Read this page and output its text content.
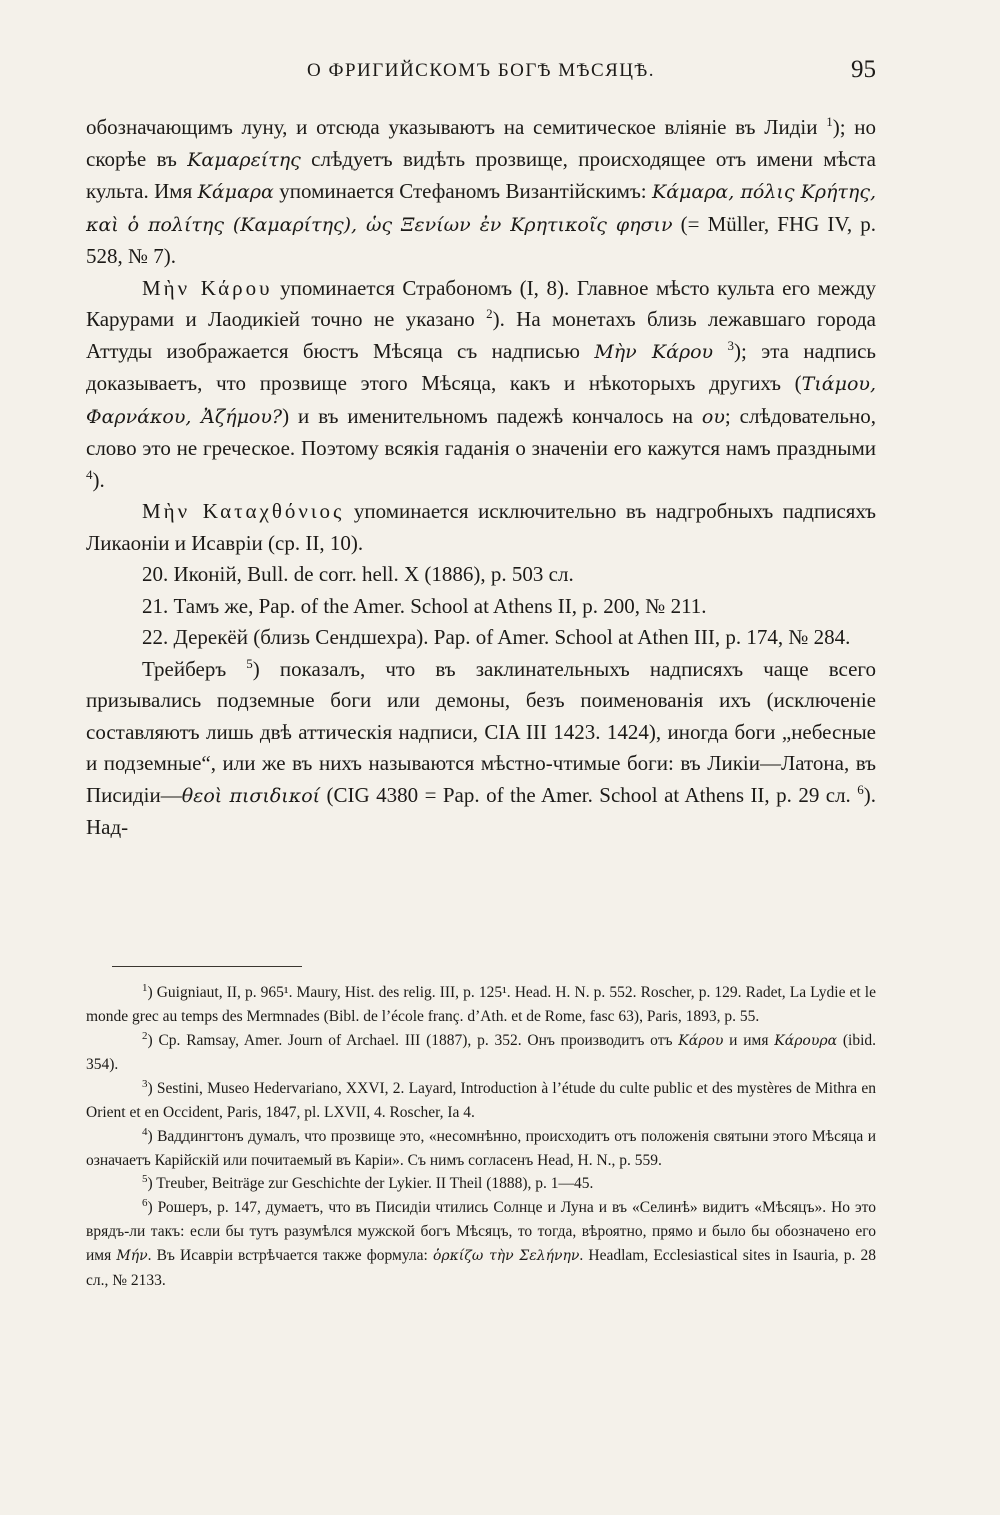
О ФРИГИЙСКОМЪ БОГѢ МѢСЯЦѢ.	95

обозначающимъ луну, и отсюда указываютъ на семитическое вліяніе въ Лидіи $^1$); но скорѣе въ Καμαρείτης слѣдуетъ видѣть прозвище, происходящее отъ имени мѣста культа. Имя Κάμαρα упоминается Стефаномъ Византійскимъ: Κάμαρα, πόλις Κρήτης, καὶ ὁ πολίτης (Καμαρίτης), ὡς Ξενίων ἐν Κρητικοῖς φησιν (= Müller, FHG IV, p. 528, № 7).

Μὴν Κάρου упоминается Страбономъ (I, 8). Главное мѣсто культа его между Карурами и Лаодикіей точно не указано $^2$). На монетахъ близь лежавшаго города Аттуды изображается бюстъ Мѣсяца съ надписью Μὴν Κάρου $^3$); эта надпись доказываетъ, что прозвище этого Мѣсяца, какъ и нѣкоторыхъ другихъ (Τιάμου, Φαρνάκου, Ἀζήμου?) и въ именительномъ падежѣ кончалось на ου; слѣдовательно, слово это не греческое. Поэтому всякія гаданія о значеніи его кажутся намъ праздными $^4$).

Μὴν Καταχθόνιος упоминается исключительно въ надгробныхъ падписяхъ Ликаоніи и Исавріи (ср. II, 10).

20. Иконій, Bull. de corr. hell. X (1886), p. 503 сл.

21. Тамъ же, Pap. of the Amer. School at Athens II, p. 200, № 211.

22. Дерекёй (близь Сендшехра). Pap. of Amer. School at Athen III, p. 174, № 284.

Трейберъ $^5$) показалъ, что въ заклинательныхъ надписяхъ чаще всего призывались подземные боги или демоны, безъ поименованія ихъ (исключеніе составляютъ лишь двѣ аттическія надписи, CIA III 1423. 1424), иногда боги „небесные и подземные“, или же въ нихъ называются мѣстно-чтимые боги: въ Ликіи—Латона, въ Писидіи—θεοὶ πισιδικοί (CIG 4380 = Pap. of the Amer. School at Athens II, p. 29 сл. $^6$). Над-

$^1$) Guigniaut, II, p. 965¹. Maury, Hist. des relig. III, p. 125¹. Head. H. N. p. 552. Roscher, p. 129. Radet, La Lydie et le monde grec au temps des Mermnades (Bibl. de l’école franç. d’Ath. et de Rome, fasc 63), Paris, 1893, p. 55.

$^2$) Ср. Ramsay, Amer. Journ of Archael. III (1887), p. 352. Онъ производитъ отъ Κάρου и имя Κάρουρα (ibid. 354).

$^3$) Sestini, Museo Hedervariano, XXVI, 2. Layard, Introduction à l’étude du culte public et des mystères de Mithra en Orient et en Occident, Paris, 1847, pl. LXVII, 4. Roscher, Ia 4.

$^4$) Ваддингтонъ думалъ, что прозвище это, «несомнѣнно, происходитъ отъ положенія святыни этого Мѣсяца и означаетъ Карійскій или почитаемый въ Каріи». Съ нимъ согласенъ Head, H. N., p. 559.

$^5$) Treuber, Beiträge zur Geschichte der Lykier. II Theil (1888), p. 1—45.

$^6$) Рошеръ, p. 147, думаетъ, что въ Писидіи чтились Солнце и Луна и въ «Селинѣ» видитъ «Мѣсяцъ». Но это врядъ-ли такъ: если бы тутъ разумѣлся мужской богъ Мѣсяцъ, то тогда, вѣроятно, прямо и было бы обозначено его имя Μήν. Въ Исавріи встрѣчается также формула: ὁρκίζω τὴν Σελήνην. Headlam, Ecclesiastical sites in Isauria, p. 28 сл., № 2133.
